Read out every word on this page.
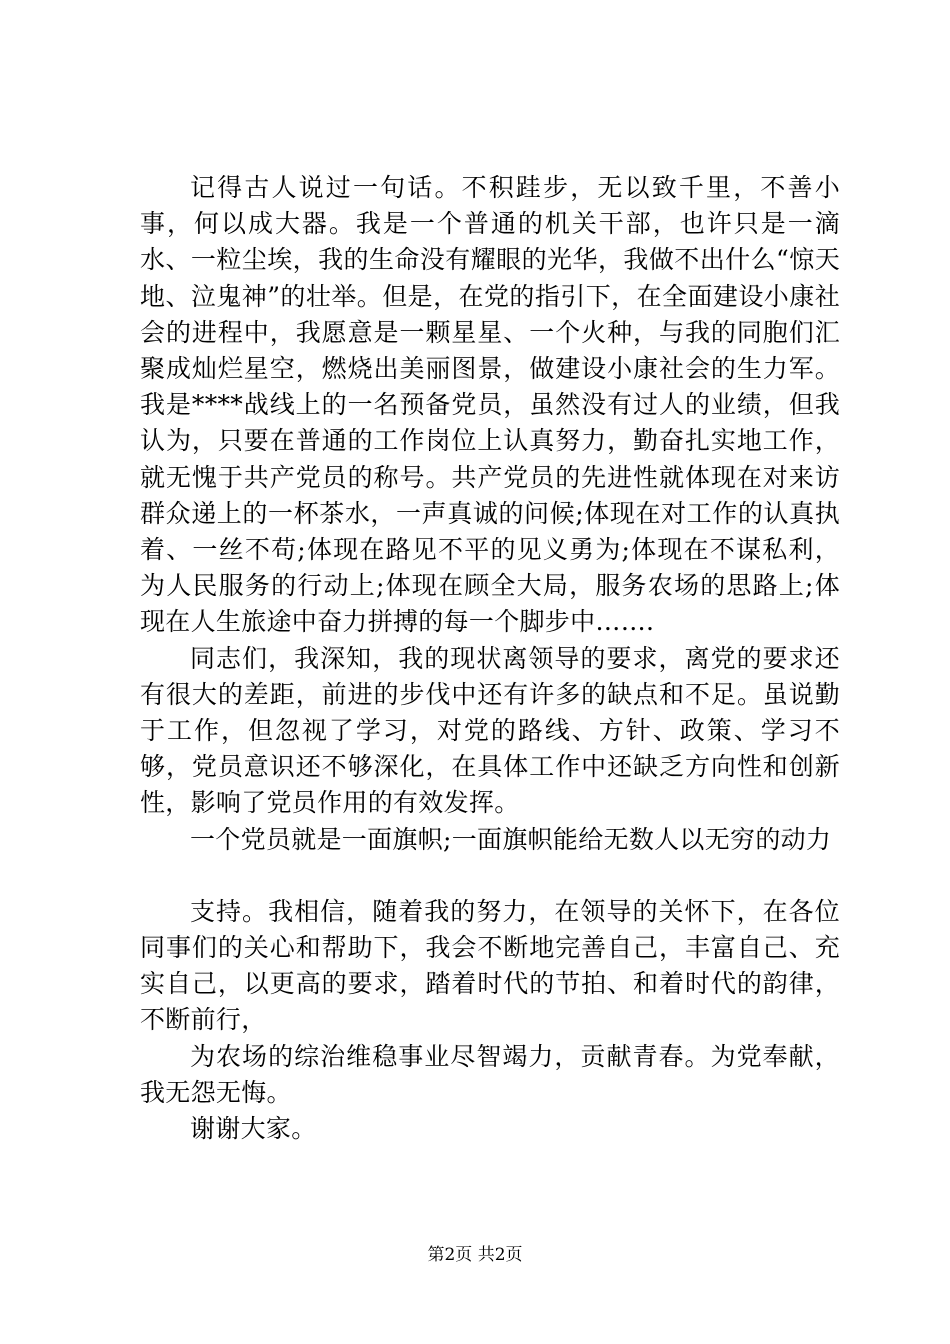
记得古人说过一句话。不积跬步，无以致千里，不善小事，何以成大器。我是一个普通的机关干部，也许只是一滴水、一粒尘埃，我的生命没有耀眼的光华，我做不出什么“惊天地、泣鬼神”的壮举。但是，在党的指引下，在全面建设小康社会的进程中，我愿意是一颗星星、一个火种，与我的同胞们汇聚成灿烂星空，燃烧出美丽图景，做建设小康社会的生力军。我是****战线上的一名预备党员，虽然没有过人的业绩，但我认为，只要在普通的工作岗位上认真努力，勤奋扎实地工作，就无愧于共产党员的称号。共产党员的先进性就体现在对来访群众递上的一杯茶水，一声真诚的问候;体现在对工作的认真执着、一丝不苟;体现在路见不平的见义勇为;体现在不谋私利，为人民服务的行动上;体现在顾全大局，服务农场的思路上;体现在人生旅途中奋力拼搏的每一个脚步中…….

同志们，我深知，我的现状离领导的要求，离党的要求还有很大的差距，前进的步伐中还有许多的缺点和不足。虽说勤于工作，但忽视了学习，对党的路线、方针、政策、学习不够，党员意识还不够深化，在具体工作中还缺乏方向性和创新性，影响了党员作用的有效发挥。

一个党员就是一面旗帜;一面旗帜能给无数人以无穷的动力

支持。我相信，随着我的努力，在领导的关怀下，在各位同事们的关心和帮助下，我会不断地完善自己，丰富自己、充实自己，以更高的要求，踏着时代的节拍、和着时代的韵律，不断前行，

为农场的综治维稳事业尽智竭力，贡献青春。为党奉献，我无怨无悔。

谢谢大家。

第2页 共2页
